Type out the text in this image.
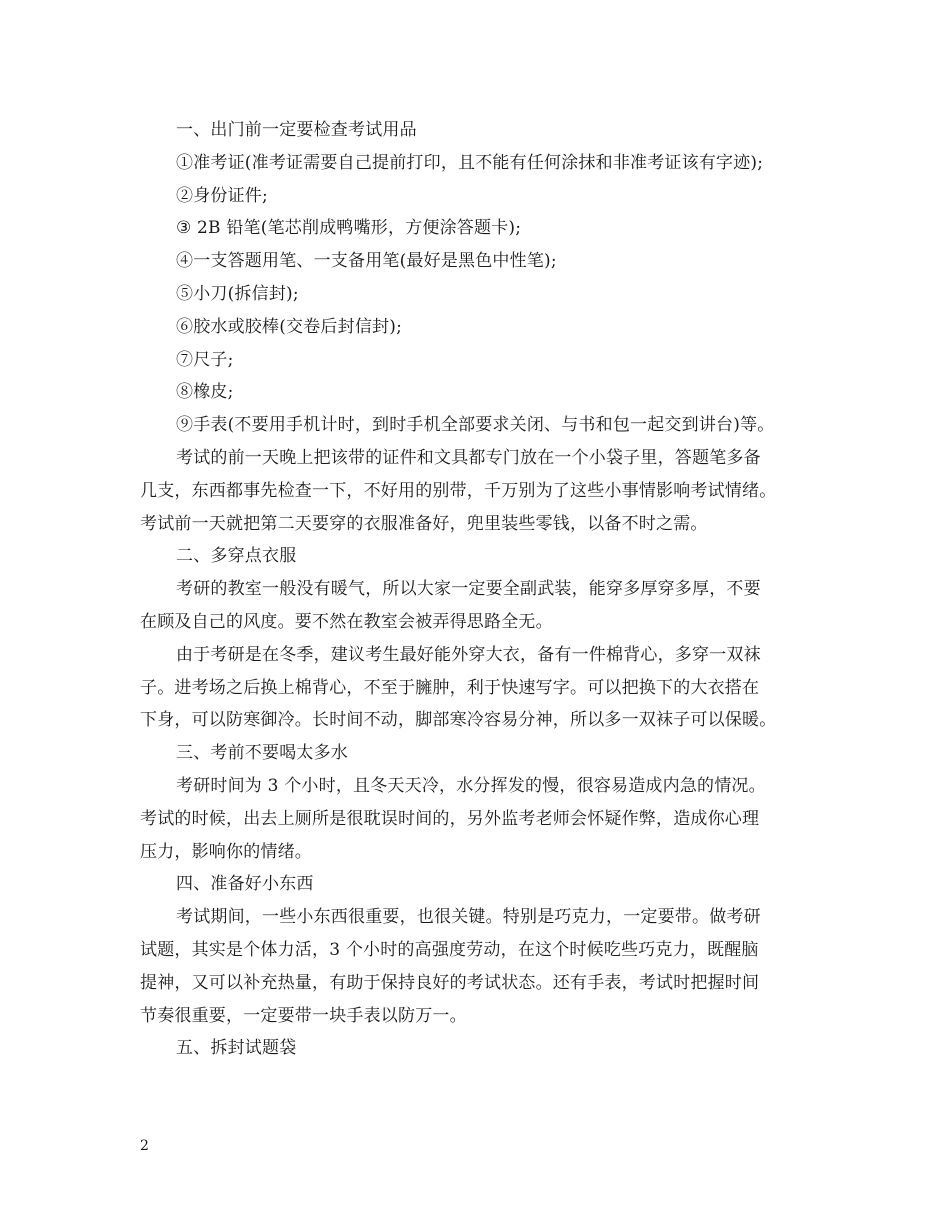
一、出门前一定要检查考试用品
①准考证(准考证需要自己提前打印，且不能有任何涂抹和非准考证该有字迹);
②身份证件;
③ 2B 铅笔(笔芯削成鸭嘴形，方便涂答题卡);
④一支答题用笔、一支备用笔(最好是黑色中性笔);
⑤小刀(拆信封);
⑥胶水或胶棒(交卷后封信封);
⑦尺子;
⑧橡皮;
⑨手表(不要用手机计时，到时手机全部要求关闭、与书和包一起交到讲台)等。
考试的前一天晚上把该带的证件和文具都专门放在一个小袋子里，答题笔多备
几支，东西都事先检查一下，不好用的别带，千万别为了这些小事情影响考试情绪。
考试前一天就把第二天要穿的衣服准备好，兜里装些零钱，以备不时之需。
二、多穿点衣服
考研的教室一般没有暖气，所以大家一定要全副武装，能穿多厚穿多厚，不要
在顾及自己的风度。要不然在教室会被弄得思路全无。
由于考研是在冬季，建议考生最好能外穿大衣，备有一件棉背心，多穿一双袜
子。进考场之后换上棉背心，不至于臃肿，利于快速写字。可以把换下的大衣搭在
下身，可以防寒御冷。长时间不动，脚部寒冷容易分神，所以多一双袜子可以保暖。
三、考前不要喝太多水
考研时间为 3 个小时，且冬天天冷，水分挥发的慢，很容易造成内急的情况。
考试的时候，出去上厕所是很耽误时间的，另外监考老师会怀疑作弊，造成你心理
压力，影响你的情绪。
四、准备好小东西
考试期间，一些小东西很重要，也很关键。特别是巧克力，一定要带。做考研
试题，其实是个体力活，3 个小时的高强度劳动，在这个时候吃些巧克力，既醒脑
提神，又可以补充热量，有助于保持良好的考试状态。还有手表，考试时把握时间
节奏很重要，一定要带一块手表以防万一。
五、拆封试题袋
2
